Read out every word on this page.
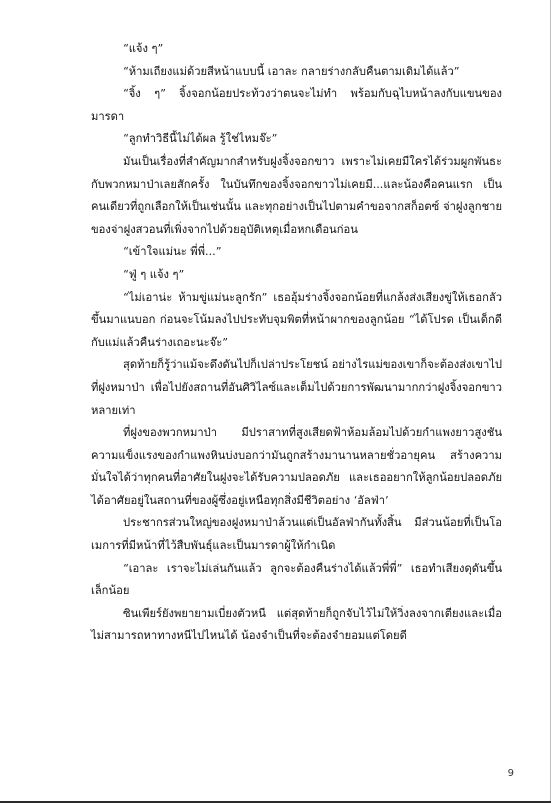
“แจ้ง ๆ”

“ห้ามเถียงแม่ด้วยสีหน้าแบบนี้ เอาละ กลายร่างกลับคืนตามเดิมได้แล้ว”

“จิ้ง ๆ” จิ้งจอกน้อยประท้วงว่าตนจะไม่ทำ พร้อมกับฉุไบหน้าลงกับแขนของมารดา

“ลูกทำวิธีนี้ไม่ได้ผล รู้ใช่ไหมจ๊ะ”

มันเป็นเรื่องที่สำคัญมากสำหรับฝูงจิ้งจอกขาว เพราะไม่เคยมีใครได้ร่วมผูกพันธะกับพวกหมาป่าเลยสักครั้ง ในบันทึกของจิ้งจอกขาวไม่เคยมี...และน้องคือคนแรก เป็นคนเดียวที่ถูกเลือกให้เป็นเช่นนั้น และทุกอย่างเป็นไปตามคำขอจากสก็อตซ์ จ่าฝูงลูกชายของจ่าฝูงสวอนที่เพิ่งจากไปด้วยอุบัติเหตุเมื่อหกเดือนก่อน

“เข้าใจแม่นะ พี่พี่...”

“ฟู่ ๆ แจ้ง ๆ”

“ไม่เอาน่ะ ห้ามขู่แม่นะลูกรัก” เธออุ้มร่างจิ้งจอกน้อยที่แกล้งส่งเสียงขู่ให้เธอกลัวขึ้นมาแนบอก ก่อนจะโน้มลงไปประทับจุมพิตที่หน้าผากของลูกน้อย “ได้โปรด เป็นเด็กดีกับแม่แล้วคืนร่างเถอะนะจ๊ะ”

สุดท้ายก็รู้ว่าแม้จะดึงดันไปก็เปล่าประโยชน์ อย่างไรแม่ของเขาก็จะต้องส่งเขาไปที่ฝูงหมาป่า เพื่อไปยังสถานที่อันศิวิไลซ์และเต็มไปด้วยการพัฒนามากกว่าฝูงจิ้งจอกขาวหลายเท่า

ที่ฝูงของพวกหมาป่า มีปราสาทที่สูงเสียดฟ้าห้อมล้อมไปด้วยกำแพงยาวสูงชัน ความแข็งแรงของกำแพงหินบ่งบอกว่ามันถูกสร้างมานานหลายชั่วอายุคน สร้างความมั่นใจได้ว่าทุกคนที่อาศัยในฝูงจะได้รับความปลอดภัย และเธออยากให้ลูกน้อยปลอดภัย ได้อาศัยอยู่ในสถานที่ของผู้ซึ่งอยู่เหนือทุกสิ่งมีชีวิตอย่าง ‘อัลฟ่า’

ประชากรส่วนใหญ่ของฝูงหมาป่าล้วนแต่เป็นอัลฟ่ากันทั้งสิ้น มีส่วนน้อยที่เป็นโอเมการที่มีหน้าที่ไว้สืบพันธุ์และเป็นมารดาผู้ให้กำเนิด

“เอาละ เราจะไม่เล่นกันแล้ว ลูกจะต้องคืนร่างได้แล้วพี่พี่” เธอทำเสียงดุดันขึ้นเล็กน้อย

ซินเพียร์ยังพยายามเบี่ยงตัวหนี แต่สุดท้ายก็ถูกจับไว้ไม่ให้วิ่งลงจากเตียงและเมื่อไม่สามารถหาทางหนีไปไหนได้ น้องจำเป็นที่จะต้องจำยอมแต่โดยดี

9
